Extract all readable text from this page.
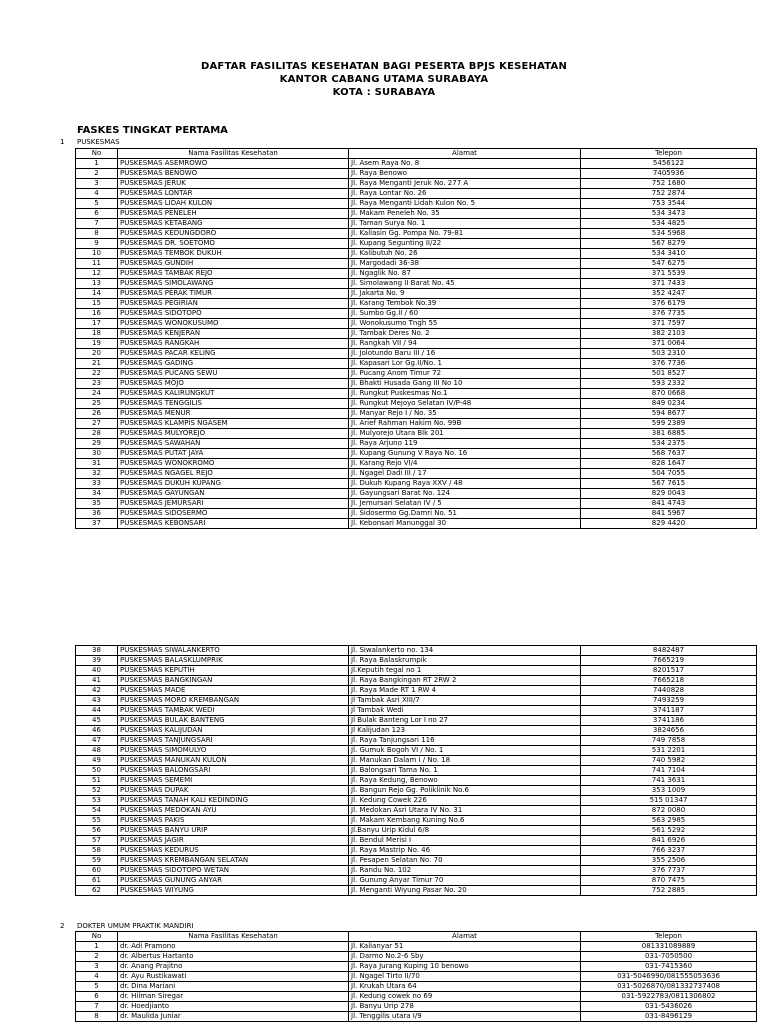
DAFTAR FASILITAS KESEHATAN BAGI PESERTA BPJS KESEHATAN
KANTOR CABANG UTAMA SURABAYA
KOTA : SURABAYA
FASKES TINGKAT PERTAMA
1 PUSKESMAS
No	Nama Fasilitas Kesehatan	Alamat	Telepon
1	PUSKESMAS ASEMROWO	Jl. Asem Raya No. 8	5456122
2	PUSKESMAS BENOWO	Jl. Raya Benowo	7405936
3	PUSKESMAS JERUK	Jl. Raya Menganti Jeruk No. 277 A	752 1680
4	PUSKESMAS LONTAR	Jl. Raya Lontar No. 26	752 2874
5	PUSKESMAS LIDAH KULON	Jl. Raya Menganti Lidah Kulon No. 5	753 3544
6	PUSKESMAS PENELEH	Jl. Makam Peneleh No. 35	534 3473
7	PUSKESMAS KETABANG	Jl. Taman Surya No. 1	534 4825
8	PUSKESMAS KEDUNGDORO	Jl. Kaliasin Gg. Pompa No. 79-81	534 5968
9	PUSKESMAS DR. SOETOMO	Jl. Kupang Segunting II/22	567 8279
10	PUSKESMAS TEMBOK DUKUH	Jl. Kalibutuh No. 26	534 3410
11	PUSKESMAS GUNDIH	Jl. Margodadi 36-38	547 6275
12	PUSKESMAS TAMBAK REJO	Jl. Ngaglik No. 87	371 5539
13	PUSKESMAS SIMOLAWANG	Jl. Simolawang II Barat No. 45	371 7433
14	PUSKESMAS PERAK TIMUR	Jl. Jakarta No. 9	352 4247
15	PUSKESMAS PEGIRIAN	Jl. Karang Tembok No.39	376 6179
16	PUSKESMAS SIDOTOPO	Jl. Sumbo Gg.II / 60	376 7735
17	PUSKESMAS WONOKUSUMO	Jl. Wonokusumo Tngh 55	371 7597
18	PUSKESMAS KENJERAN	Jl. Tambak Deres No. 2	382 2103
19	PUSKESMAS RANGKAH	Jl. Rangkah VII / 94	371 0064
20	PUSKESMAS PACAR KELING	Jl. Jolotundo Baru III / 16	503 2310
21	PUSKESMAS GADING	Jl. Kapasari Lor Gg.II/No. 1	376 7736
22	PUSKESMAS PUCANG SEWU	Jl. Pucang Anom Timur 72	501 8527
23	PUSKESMAS MOJO	Jl. Bhakti Husada Gang III No 10	593 2332
24	PUSKESMAS KALIRUNGKUT	Jl. Rungkut Puskesmas No.1	870 0668
25	PUSKESMAS TENGGILIS	Jl. Rungkut Mejoyo Selatan IV/P-48	849 0234
26	PUSKESMAS MENUR	Jl. Manyar Rejo I / No. 35	594 8677
27	PUSKESMAS KLAMPIS NGASEM	Jl. Arief Rahman Hakim No. 99B	599 2389
28	PUSKESMAS MULYOREJO	Jl. Mulyorejo Utara Blk 201	381 6885
29	PUSKESMAS SAWAHAN	Jl. Raya Arjuno 119	534 2375
30	PUSKESMAS PUTAT JAYA	Jl. Kupang Gunung V Raya No. 16	568 7637
31	PUSKESMAS WONOKROMO	Jl. Karang Rejo VI/4	828 1647
32	PUSKESMAS NGAGEL REJO	Jl. Ngagel Dadi III / 17	504 7055
33	PUSKESMAS DUKUH KUPANG	Jl. Dukuh Kupang Raya XXV / 48	567 7615
34	PUSKESMAS GAYUNGAN	Jl. Gayungsari Barat No. 124	829 0043
35	PUSKESMAS JEMURSARI	Jl. Jemursari Selatan IV / 5	841 4743
36	PUSKESMAS SIDOSERMO	Jl. Sidosermo Gg.Damri No. 51	841 5967
37	PUSKESMAS KEBONSARI	Jl. Kebonsari Manunggal 30	829 4420
38	PUSKESMAS SIWALANKERTO	Jl. Siwalankerto no. 134	8482487
39	PUSKESMAS BALASKLUMPRIK	Jl. Raya Balaskrumpik	7665219
40	PUSKESMAS KEPUTIH	Jl.Keputih tegal no 1	8201517
41	PUSKESMAS BANGKINGAN	Jl. Raya Bangkingan RT 2RW 2	7665218
42	PUSKESMAS MADE	Jl. Raya Made RT 1 RW 4	7440828
43	PUSKESMAS MORO KREMBANGAN	Jl Tambak Asri XIII/7	7493259
44	PUSKESMAS TAMBAK WEDI	Jl Tambak Wedi	3741187
45	PUSKESMAS BULAK BANTENG	Jl Bulak Banteng Lor I no 27	3741186
46	PUSKESMAS KALIJUDAN	Jl Kalijudan 123	3824656
47	PUSKESMAS TANJUNGSARI	Jl. Raya Tanjungsari 116	749 7858
48	PUSKESMAS SIMOMULYO	Jl. Gumuk Bogoh VI / No. 1	531 2201
49	PUSKESMAS MANUKAN KULON	Jl. Manukan Dalam I / No. 18	740 5982
50	PUSKESMAS BALONGSARI	Jl. Balongsari Tama No. 1	741 7104
51	PUSKESMAS SEMEMI	Jl. Raya Kedung, Benowo	741 3631
52	PUSKESMAS DUPAK	Jl. Bangun Rejo Gg. Poliklinik No.6	353 1009
53	PUSKESMAS TANAH KALI KEDINDING	Jl. Kedung Cowek 226	515 01347
54	PUSKESMAS MEDOKAN AYU	Jl. Medokan Asri Utara IV No. 31	872 0080
55	PUSKESMAS PAKIS	Jl. Makam Kembang Kuning No.6	563 2985
56	PUSKESMAS BANYU URIP	Jl.Banyu Urip Kidul 6/8	561 5292
57	PUSKESMAS JAGIR	Jl. Bendul Merisi I	841 6926
58	PUSKESMAS KEDURUS	Jl. Raya Mastrip No. 46	766 3237
59	PUSKESMAS KREMBANGAN SELATAN	Jl. Pesapen Selatan No. 70	355 2506
60	PUSKESMAS SIDOTOPO WETAN	Jl. Randu No. 102	376 7737
61	PUSKESMAS GUNUNG ANYAR	Jl. Gunung Anyar Timur 70	870 7475
62	PUSKESMAS WIYUNG	Jl. Menganti Wiyung Pasar No. 20	752 2885
2 DOKTER UMUM PRAKTIK MANDIRI
No	Nama Fasilitas Kesehatan	Alamat	Telepon
1	dr. Adi Pramono	Jl. Kalianyar 51	081331089889
2	dr. Albertus Hartanto	Jl. Darmo No.2-6 Sby	031-7050500
3	dr. Anang Prajitno	Jl. Raya Jurang Kuping 10 benowo	031-7415360
4	dr. Ayu Rustikawati	Jl. Ngagel Tirto II/70	031-5046990/081555053636
5	dr. Dina Mariani	Jl. Krukah Utara 64	031-5026870/081332737408
6	dr. Hilman Siregar	Jl. Kedung cowek no 69	031-5922783/0811306802
7	dr. Hoedjianto	Jl. Banyu Urip 278	031-5436026
8	dr. Maulida Juniar	Jl. Tenggilis utara I/9	031-8496129
